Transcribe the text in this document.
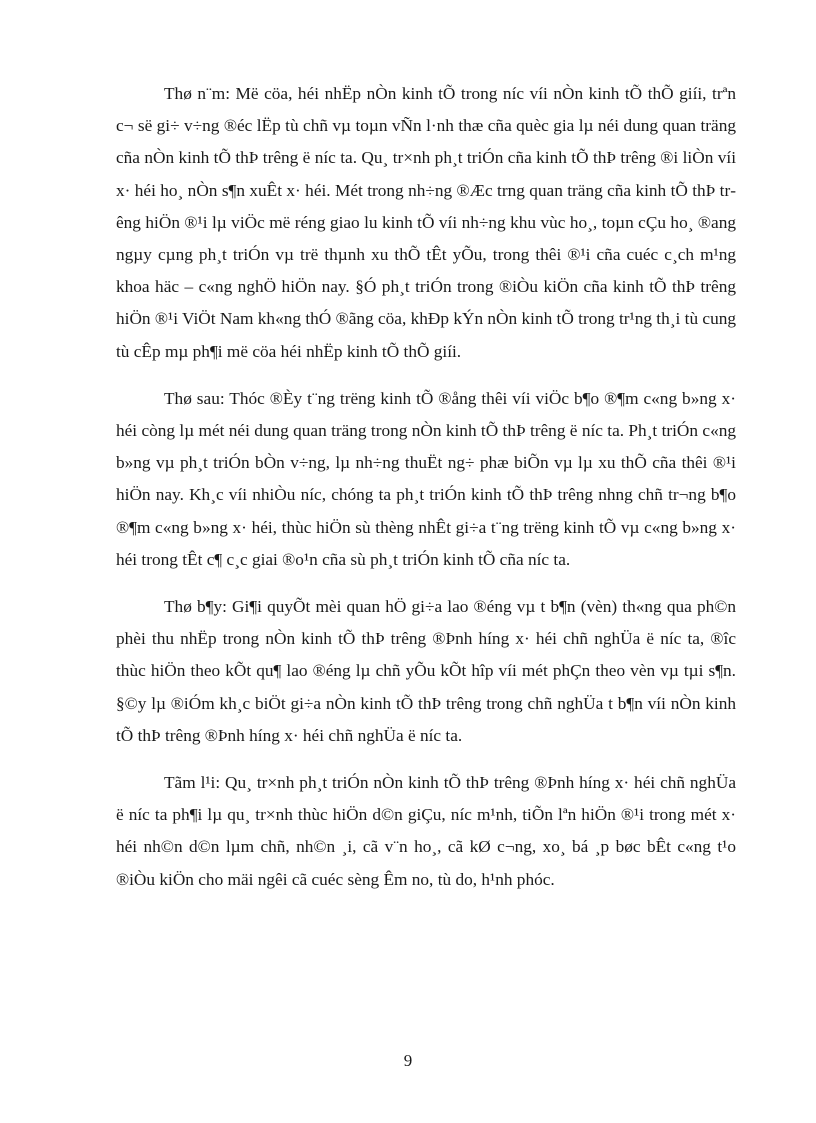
Thø n¨m: Më cöa, héi nhËp nÒn kinh tÕ trong níc víi nÒn kinh tÕ thÕ giíi, trªn c¬ së gi÷ v÷ng ®éc lËp tù chñ vµ toµn vÑn l·nh thæ cña quèc gia lµ néi dung quan träng cña nÒn kinh tÕ thÞ trêng ë níc ta. Qu¸ tr×nh ph¸t triÓn cña kinh tÕ thÞ trêng ®i liÒn víi x· héi ho¸ nÒn s¶n xuÊt x· héi. Mét trong nh÷ng ®Æc trng quan träng cña kinh tÕ thÞ trêng hiÖn ®¹i lµ viÖc më réng giao lu kinh tÕ víi nh÷ng khu vùc ho¸, toµn cÇu ho¸ ®ang ngµy cµng ph¸t triÓn vµ trë thµnh xu thÕ tÊt yÕu, trong thêi ®¹i cña cuéc c¸ch m¹ng khoa häc – c«ng nghÖ hiÖn nay. §Ó ph¸t triÓn trong ®iÒu kiÖn cña kinh tÕ thÞ trêng hiÖn ®¹i ViÖt Nam kh«ng thÓ ®ãng cöa, khÐp kÝn nÒn kinh tÕ trong tr¹ng th¸i tù cung tù cÊp mµ ph¶i më cöa héi nhËp kinh tÕ thÕ giíi.

Thø sau: Thóc ®Èy t¨ng trëng kinh tÕ ®ång thêi víi viÖc b¶o ®¶m c«ng b»ng x· héi còng lµ mét néi dung quan träng trong nÒn kinh tÕ thÞ trêng ë níc ta. Ph¸t triÓn c«ng b»ng vµ ph¸t triÓn bÒn v÷ng, lµ nh÷ng thuËt ng÷ phæ biÕn vµ lµ xu thÕ cña thêi ®¹i hiÖn nay. Kh¸c víi nhiÒu níc, chóng ta ph¸t triÓn kinh tÕ thÞ trêng nhng chñ tr¬ng b¶o ®¶m c«ng b»ng x· héi, thùc hiÖn sù thèng nhÊt gi÷a t¨ng trëng kinh tÕ vµ c«ng b»ng x· héi trong tÊt c¶ c¸c giai ®o¹n cña sù ph¸t triÓn kinh tÕ cña níc ta.

Thø b¶y: Gi¶i quyÕt mèi quan hÖ gi÷a lao ®éng vµ t b¶n (vèn) th«ng qua ph©n phèi thu nhËp trong nÒn kinh tÕ thÞ trêng ®Þnh híng x· héi chñ nghÜa ë níc ta, ®îc thùc hiÖn theo kÕt qu¶ lao ®éng lµ chñ yÕu kÕt hîp víi mét phÇn theo vèn vµ tµi s¶n. §©y lµ ®iÓm kh¸c biÖt gi÷a nÒn kinh tÕ thÞ trêng trong chñ nghÜa t b¶n víi nÒn kinh tÕ thÞ trêng ®Þnh híng x· héi chñ nghÜa ë níc ta.

Tãm l¹i: Qu¸ tr×nh ph¸t triÓn nÒn kinh tÕ thÞ trêng ®Þnh híng x· héi chñ nghÜa ë níc ta ph¶i lµ qu¸ tr×nh thùc hiÖn d©n giÇu, níc m¹nh, tiÕn lªn hiÖn ®¹i trong mét x· héi nh©n d©n lµm chñ, nh©n ¸i, cã v¨n ho¸, cã kØ c¬ng, xo¸ bá ¸p bøc bÊt c«ng t¹o ®iÒu kiÖn cho mäi ngêi cã cuéc sèng Êm no, tù do, h¹nh phóc.

9
